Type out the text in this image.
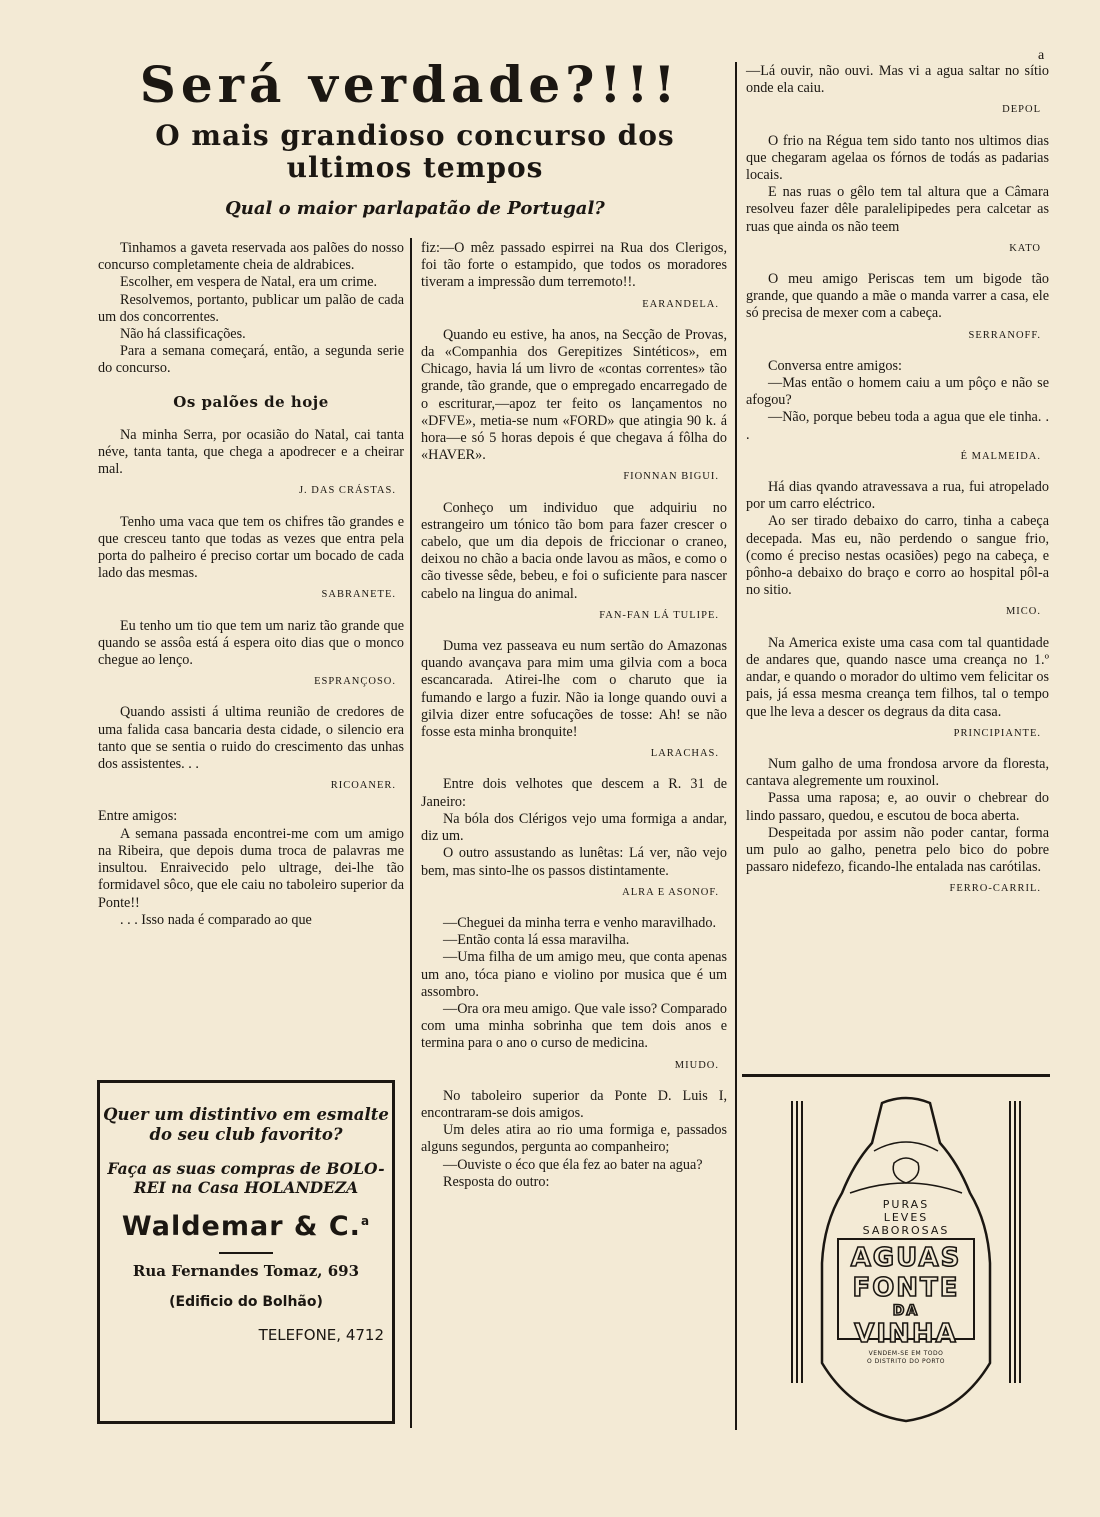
a
Será verdade?!!!
O mais grandioso concurso dos ultimos tempos
Qual o maior parlapatão de Portugal?

Tinhamos a gaveta reservada aos palões do nosso concurso completamente cheia de aldrabices.

Escolher, em vespera de Natal, era um crime.

Resolvemos, portanto, publicar um palão de cada um dos concorrentes.

Não há classificações.

Para a semana começará, então, a segunda serie do concurso.

Os palões de hoje

Na minha Serra, por ocasião do Natal, cai tanta néve, tanta tanta, que chega a apodrecer e a cheirar mal.

J. DAS CRÁSTAS.

Tenho uma vaca que tem os chifres tão grandes e que cresceu tanto que todas as vezes que entra pela porta do palheiro é preciso cortar um bocado de cada lado das mesmas.

SABRANETE.

Eu tenho um tio que tem um nariz tão grande que quando se assôa está á espera oito dias que o monco chegue ao lenço.

ESPRANÇOSO.

Quando assisti á ultima reunião de credores de uma falida casa bancaria desta cidade, o silencio era tanto que se sentia o ruido do crescimento das unhas dos assistentes. . .

RICOANER.

Entre amigos:

A semana passada encontrei-me com um amigo na Ribeira, que depois duma troca de palavras me insultou. Enraivecido pelo ultrage, dei-lhe tão formidavel sôco, que ele caiu no taboleiro superior da Ponte!!

. . . Isso nada é comparado ao que

fiz:—O mêz passado espirrei na Rua dos Clerigos, foi tão forte o estampido, que todos os moradores tiveram a impressão dum terremoto!!.

EARANDELA.

Quando eu estive, ha anos, na Secção de Provas, da «Companhia dos Gerepitizes Sintéticos», em Chicago, havia lá um livro de «contas correntes» tão grande, tão grande, que o empregado encarregado de o escriturar,—apoz ter feito os lançamentos no «DFVE», metia-se num «FORD» que atingia 90 k. á hora—e só 5 horas depois é que chegava á fôlha do «HAVER».

FIONNAN BIGUI.

Conheço um individuo que adquiriu no estrangeiro um tónico tão bom para fazer crescer o cabelo, que um dia depois de friccionar o craneo, deixou no chão a bacia onde lavou as mãos, e como o cão tivesse sêde, bebeu, e foi o suficiente para nascer cabelo na lingua do animal.

FAN-FAN LÁ TULIPE.

Duma vez passeava eu num sertão do Amazonas quando avançava para mim uma gilvia com a boca escancarada. Atirei-lhe com o charuto que ia fumando e largo a fuzir. Não ia longe quando ouvi a gilvia dizer entre sofucações de tosse: Ah! se não fosse esta minha bronquite!

LARACHAS.

Entre dois velhotes que descem a R. 31 de Janeiro:

Na bóla dos Clérigos vejo uma formiga a andar, diz um.

O outro assustando as lunêtas: Lá ver, não vejo bem, mas sinto-lhe os passos distintamente.

ALRA E ASONOF.

—Cheguei da minha terra e venho maravilhado.

—Então conta lá essa maravilha.

—Uma filha de um amigo meu, que conta apenas um ano, tóca piano e violino por musica que é um assombro.

—Ora ora meu amigo. Que vale isso? Comparado com uma minha sobrinha que tem dois anos e termina para o ano o curso de medicina.

MIUDO.

No taboleiro superior da Ponte D. Luis I, encontraram-se dois amigos.

Um deles atira ao rio uma formiga e, passados alguns segundos, pergunta ao companheiro;

—Ouviste o éco que éla fez ao bater na agua?

Resposta do outro:

—Lá ouvir, não ouvi. Mas vi a agua saltar no sítio onde ela caiu.

DEPOL

O frio na Régua tem sido tanto nos ultimos dias que chegaram agelaa os fórnos de todás as padarias locais.

E nas ruas o gêlo tem tal altura que a Câmara resolveu fazer dêle paralelipipedes pera calcetar as ruas que ainda os não teem

KATO

O meu amigo Periscas tem um bigode tão grande, que quando a mãe o manda varrer a casa, ele só precisa de mexer com a cabeça.

SERRANOFF.

Conversa entre amigos:

—Mas então o homem caiu a um pôço e não se afogou?

—Não, porque bebeu toda a agua que ele tinha. . .

É MALMEIDA.

Há dias qvando atravessava a rua, fui atropelado por um carro eléctrico.

Ao ser tirado debaixo do carro, tinha a cabeça decepada. Mas eu, não perdendo o sangue frio, (como é preciso nestas ocasiões) pego na cabeça, e pônho-a debaixo do braço e corro ao hospital pôl-a no sitio.

MICO.

Na America existe uma casa com tal quantidade de andares que, quando nasce uma creança no 1.º andar, e quando o morador do ultimo vem felicitar os pais, já essa mesma creança tem filhos, tal o tempo que lhe leva a descer os degraus da dita casa.

PRINCIPIANTE.

Num galho de uma frondosa arvore da floresta, cantava alegremente um rouxinol.

Passa uma raposa; e, ao ouvir o chebrear do lindo passaro, quedou, e escutou de boca aberta.

Despeitada por assim não poder cantar, forma um pulo ao galho, penetra pelo bico do pobre passaro nidefezo, ficando-lhe entalada nas carótilas.

FERRO-CARRIL.
Quer um distintivo em esmalte do seu club favorito?
Faça as suas compras de BOLO-REI na Casa HOLANDEZA
Waldemar & C.$^a$
Rua Fernandes Tomaz, 693
(Edificio do Bolhão)
TELEFONE, 4712
PURAS
LEVES
SABOROSAS
AGUAS
FONTE
DA
VINHA
VENDEM-SE EM TODO
O DISTRITO DO PORTO
